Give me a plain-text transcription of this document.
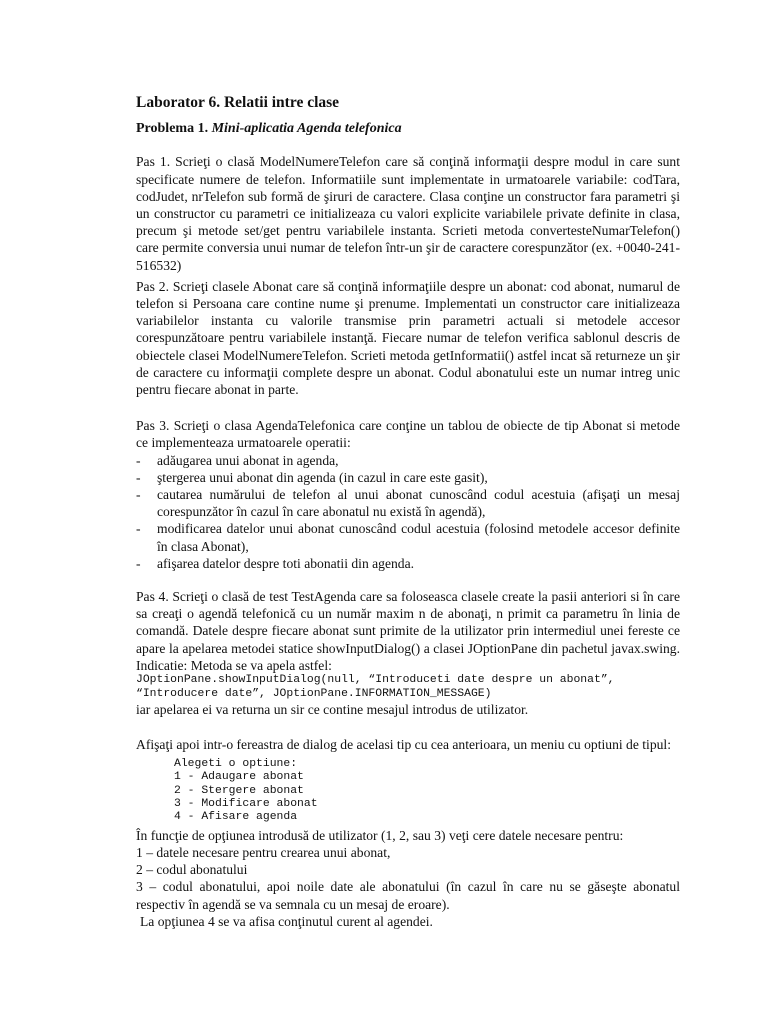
Laborator 6. Relatii intre clase
Problema 1. Mini-aplicatia Agenda telefonica

Pas 1. Scrieţi o clasă ModelNumereTelefon care să conţină informaţii despre modul in care sunt specificate numere de telefon. Informatiile sunt implementate in urmatoarele variabile: codTara, codJudet, nrTelefon sub formă de şiruri de caractere. Clasa conţine un constructor fara parametri şi un constructor cu parametri ce initializeaza cu valori explicite variabilele private definite in clasa, precum şi metode set/get pentru variabilele instanta. Scrieti metoda convertesteNumarTelefon() care permite conversia unui numar de telefon într-un şir de caractere corespunzător (ex. +0040-241-516532)

Pas 2. Scrieţi clasele Abonat care să conţină informaţiile despre un abonat: cod abonat, numarul de telefon si Persoana care contine nume şi prenume. Implementati un constructor care initializeaza variabilelor instanta cu valorile transmise prin parametri actuali si metodele accesor corespunzătoare pentru variabilele instanţă. Fiecare numar de telefon verifica sablonul descris de obiectele clasei ModelNumereTelefon. Scrieti metoda getInformatii() astfel incat să returneze un şir de caractere cu informaţii complete despre un abonat. Codul abonatului este un numar intreg unic pentru fiecare abonat in parte.

Pas 3. Scrieţi o clasa AgendaTelefonica care conţine un tablou de obiecte de tip Abonat si metode ce implementeaza urmatoarele operatii:

- adăugarea unui abonat in agenda,
- ştergerea unui abonat din agenda (in cazul in care este gasit),
- cautarea numărului de telefon al unui abonat cunoscând codul acestuia (afişaţi un mesaj corespunzător în cazul în care abonatul nu există în agendă),
- modificarea datelor unui abonat cunoscând codul acestuia (folosind metodele accesor definite în clasa Abonat),
- afişarea datelor despre toti abonatii din agenda.

Pas 4. Scrieţi o clasă de test TestAgenda care sa foloseasca clasele create la pasii anteriori si în care sa creaţi o agendă telefonică cu un număr maxim n de abonaţi, n primit ca parametru în linia de comandă. Datele despre fiecare abonat sunt primite de la utilizator prin intermediul unei fereste ce apare la apelarea metodei statice showInputDialog() a clasei JOptionPane din pachetul javax.swing. Indicatie: Metoda se va apela astfel:

JOptionPane.showInputDialog(null, “Introduceti date despre un abonat”, “Introducere date”, JOptionPane.INFORMATION_MESSAGE)

iar apelarea ei va returna un sir ce contine mesajul introdus de utilizator.

Afişaţi apoi intr-o fereastra de dialog de acelasi tip cu cea anterioara, un meniu cu optiuni de tipul:

Alegeti o optiune:
1 - Adaugare abonat
2 - Stergere abonat
3 - Modificare abonat
4 - Afisare agenda

În funcţie de opţiunea introdusă de utilizator (1, 2, sau 3) veţi cere datele necesare pentru:

1 – datele necesare pentru crearea unui abonat,
2 – codul abonatului
3 – codul abonatului, apoi noile date ale abonatului (în cazul în care nu se găseşte abonatul respectiv în agendă se va semnala cu un mesaj de eroare).

La opţiunea 4 se va afisa conţinutul curent al agendei.
